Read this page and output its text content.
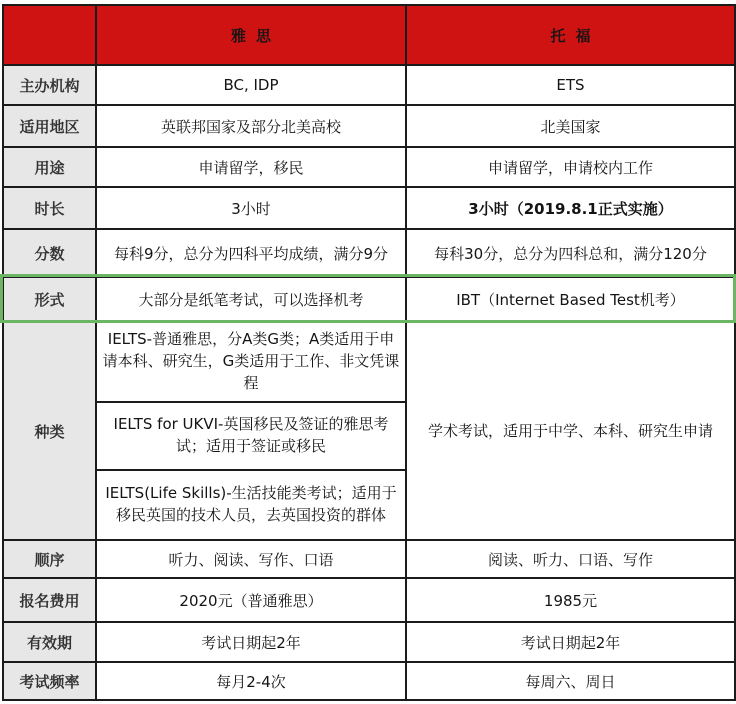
	雅思	托福
主办机构	BC, IDP	ETS
适用地区	英联邦国家及部分北美高校	北美国家
用途	申请留学，移民	申请留学，申请校内工作
时长	3小时	3小时（2019.8.1正式实施）
分数	每科9分，总分为四科平均成绩，满分9分	每科30分，总分为四科总和，满分120分
形式	大部分是纸笔考试，可以选择机考	IBT（Internet Based Test机考）
种类	IELTS-普通雅思，分A类G类；A类适用于申请本科、研究生，G类适用于工作、非文凭课程	学术考试，适用于中学、本科、研究生申请
	IELTS for UKVI-英国移民及签证的雅思考试；适用于签证或移民	
	IELTS(Life Skills)-生活技能类考试；适用于移民英国的技术人员，去英国投资的群体	
顺序	听力、阅读、写作、口语	阅读、听力、口语、写作
报名费用	2020元（普通雅思）	1985元
有效期	考试日期起2年	考试日期起2年
考试频率	每月2-4次	每周六、周日
